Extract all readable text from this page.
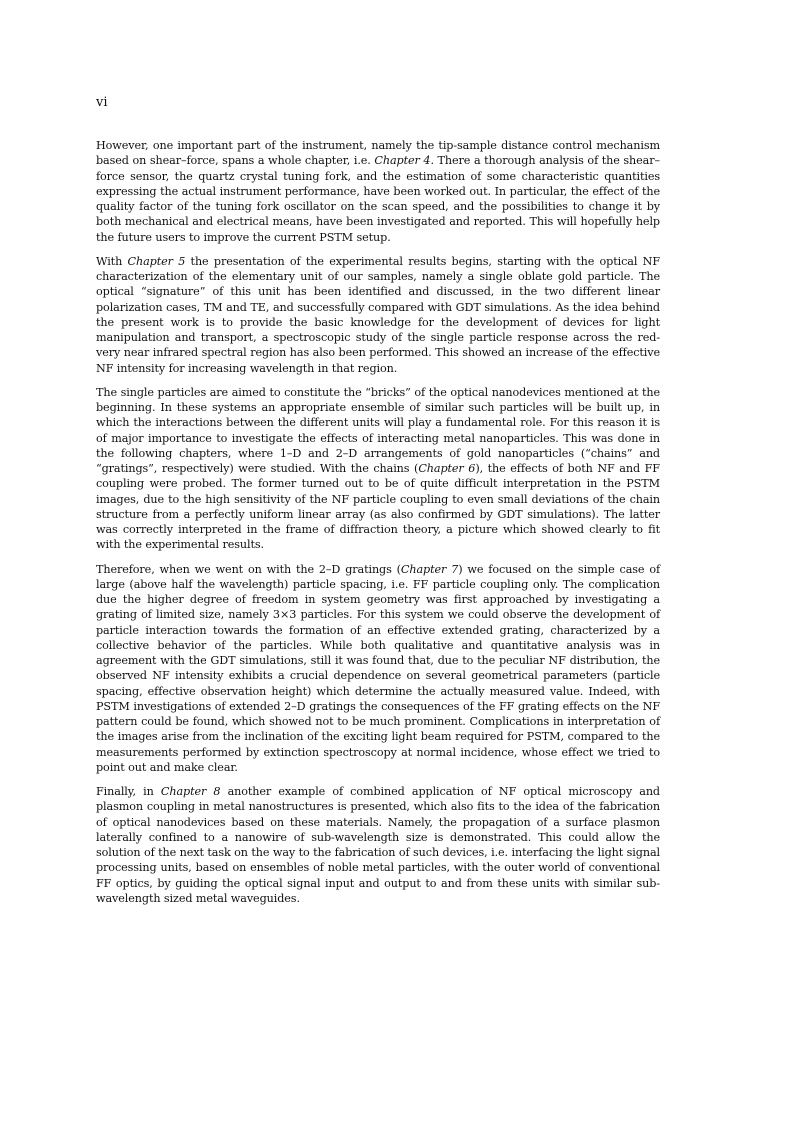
vi

However, one important part of the instrument, namely the tip-sample distance control mechanism based on shear–force, spans a whole chapter, i.e. Chapter 4. There a thorough analysis of the shear–force sensor, the quartz crystal tuning fork, and the estimation of some characteristic quantities expressing the actual instrument performance, have been worked out. In particular, the effect of the quality factor of the tuning fork oscillator on the scan speed, and the possibilities to change it by both mechanical and electrical means, have been investigated and reported. This will hopefully help the future users to improve the current PSTM setup.

With Chapter 5 the presentation of the experimental results begins, starting with the optical NF characterization of the elementary unit of our samples, namely a single oblate gold particle. The optical “signature” of this unit has been identified and discussed, in the two different linear polarization cases, TM and TE, and successfully compared with GDT simulations. As the idea behind the present work is to provide the basic knowledge for the development of devices for light manipulation and transport, a spectroscopic study of the single particle response across the red-very near infrared spectral region has also been performed. This showed an increase of the effective NF intensity for increasing wavelength in that region.

The single particles are aimed to constitute the “bricks” of the optical nanodevices mentioned at the beginning. In these systems an appropriate ensemble of similar such particles will be built up, in which the interactions between the different units will play a fundamental role. For this reason it is of major importance to investigate the effects of interacting metal nanoparticles. This was done in the following chapters, where 1–D and 2–D arrangements of gold nanoparticles (“chains” and “gratings”, respectively) were studied. With the chains (Chapter 6), the effects of both NF and FF coupling were probed. The former turned out to be of quite difficult interpretation in the PSTM images, due to the high sensitivity of the NF particle coupling to even small deviations of the chain structure from a perfectly uniform linear array (as also confirmed by GDT simulations). The latter was correctly interpreted in the frame of diffraction theory, a picture which showed clearly to fit with the experimental results.

Therefore, when we went on with the 2–D gratings (Chapter 7) we focused on the simple case of large (above half the wavelength) particle spacing, i.e. FF particle coupling only. The complication due the higher degree of freedom in system geometry was first approached by investigating a grating of limited size, namely 3×3 particles. For this system we could observe the development of particle interaction towards the formation of an effective extended grating, characterized by a collective behavior of the particles. While both qualitative and quantitative analysis was in agreement with the GDT simulations, still it was found that, due to the peculiar NF distribution, the observed NF intensity exhibits a crucial dependence on several geometrical parameters (particle spacing, effective observation height) which determine the actually measured value. Indeed, with PSTM investigations of extended 2–D gratings the consequences of the FF grating effects on the NF pattern could be found, which showed not to be much prominent. Complications in interpretation of the images arise from the inclination of the exciting light beam required for PSTM, compared to the measurements performed by extinction spectroscopy at normal incidence, whose effect we tried to point out and make clear.

Finally, in Chapter 8 another example of combined application of NF optical microscopy and plasmon coupling in metal nanostructures is presented, which also fits to the idea of the fabrication of optical nanodevices based on these materials. Namely, the propagation of a surface plasmon laterally confined to a nanowire of sub-wavelength size is demonstrated. This could allow the solution of the next task on the way to the fabrication of such devices, i.e. interfacing the light signal processing units, based on ensembles of noble metal particles, with the outer world of conventional FF optics, by guiding the optical signal input and output to and from these units with similar sub-wavelength sized metal waveguides.
